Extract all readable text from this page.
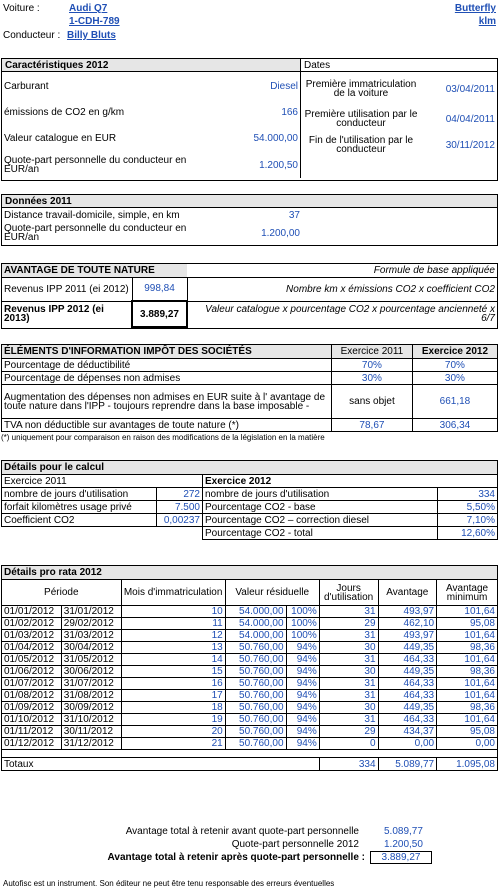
Voiture :	Audi Q7
1-CDH-789
Conducteur : Billy Bluts
Butterfly
klm
Caractéristiques 2012	Dates
Carburant	Diesel
émissions de CO2 en g/km	166
Valeur catalogue en EUR	54.000,00
Quote-part personnelle du conducteur en EUR/an	1.200,50
Première immatriculation de la voiture	03/04/2011
Première utilisation par le conducteur	04/04/2011
Fin de l'utilisation par le conducteur	30/11/2012
Données 2011
Distance travail-domicile, simple, en km	37
Quote-part personnelle du conducteur en EUR/an	1.200,00
AVANTAGE DE TOUTE NATURE		Formule de base appliquée
Revenus IPP 2011 (ei 2012)	998,84	Nombre km x émissions CO2 x coefficient CO2
Revenus IPP 2012 (ei 2013)	3.889,27	Valeur catalogue x pourcentage CO2 x pourcentage ancienneté x 6/7
ÉLÉMENTS D'INFORMATION IMPÔT DES SOCIÉTÉS	Exercice 2011	Exercice 2012
Pourcentage de déductibilité	70%	70%
Pourcentage de dépenses non admises	30%	30%
Augmentation des dépenses non admises en EUR suite à l' avantage de toute nature dans l'IPP - toujours reprendre dans la base imposable -	sans objet	661,18
TVA non déductible sur avantages de toute nature (*)	78,67	306,34
(*) uniquement pour comparaison en raison des modifications de la législation en la matière
Détails pour le calcul			
Exercice 2011		Exercice 2012	
nombre de jours d'utilisation	272	nombre de jours d'utilisation	334
forfait kilomètres usage privé	7.500	Pourcentage CO2 - base	5,50%
Coefficient CO2	0,00237	Pourcentage CO2 – correction diesel	7,10%
		Pourcentage CO2 - total	12,60%
Détails pro rata 2012							
Période		Mois d'immatriculation	Valeur résiduelle		Jours d'utilisation	Avantage	Avantage minimum
01/01/2012	31/01/2012	10	54.000,00	100%	31	493,97	101,64
01/02/2012	29/02/2012	11	54.000,00	100%	29	462,10	95,08
01/03/2012	31/03/2012	12	54.000,00	100%	31	493,97	101,64
01/04/2012	30/04/2012	13	50.760,00	94%	30	449,35	98,36
01/05/2012	31/05/2012	14	50.760,00	94%	31	464,33	101,64
01/06/2012	30/06/2012	15	50.760,00	94%	30	449,35	98,36
01/07/2012	31/07/2012	16	50.760,00	94%	31	464,33	101,64
01/08/2012	31/08/2012	17	50.760,00	94%	31	464,33	101,64
01/09/2012	30/09/2012	18	50.760,00	94%	30	449,35	98,36
01/10/2012	31/10/2012	19	50.760,00	94%	31	464,33	101,64
01/11/2012	30/11/2012	20	50.760,00	94%	29	434,37	95,08
01/12/2012	31/12/2012	21	50.760,00	94%	0	0,00	0,00

Totaux					334	5.089,77	1.095,08
Avantage total à retenir avant quote-part personnelle	5.089,77
Quote-part personnelle 2012	1.200,50
Avantage total à retenir après quote-part personnelle :	3.889,27
Autofisc est un instrument. Son éditeur ne peut être tenu responsable des erreurs éventuelles
